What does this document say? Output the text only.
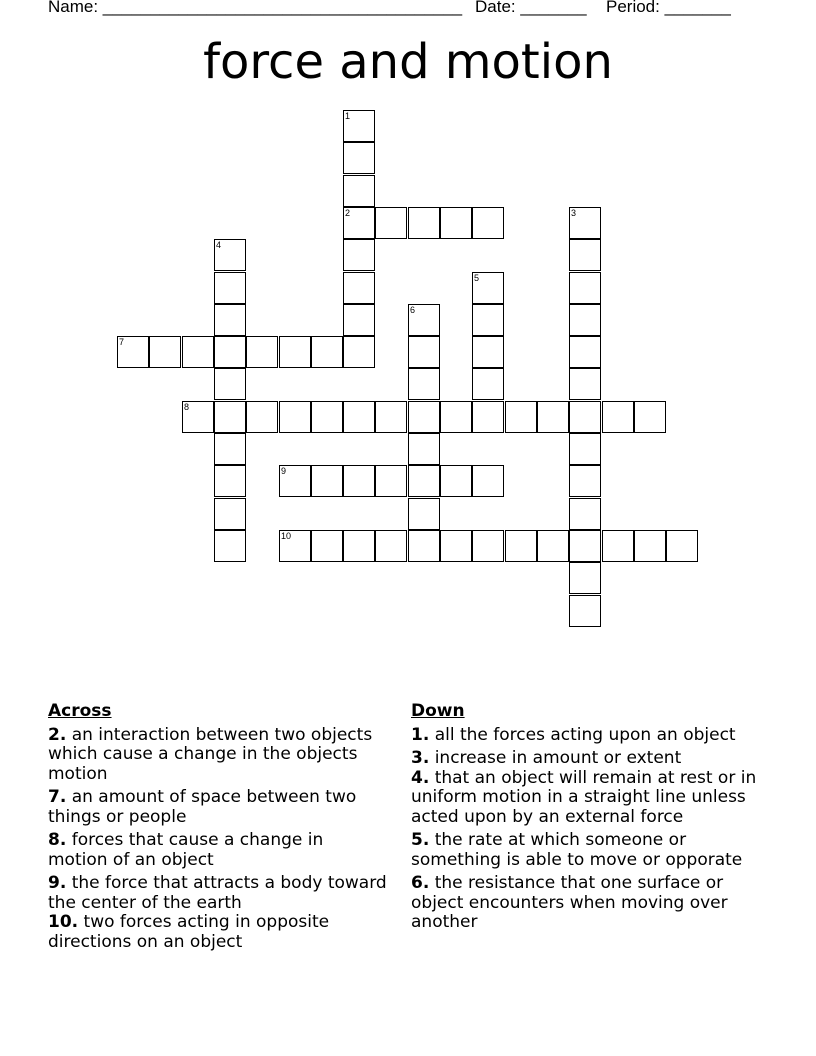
Name: ______________________________________ Date: _______ Period: _______
force and motion
1
2	3
4
5
6
7
8
9
10
Across
2. an interaction between two objects which cause a change in the objects motion
7. an amount of space between two things or people
8. forces that cause a change in motion of an object
9. the force that attracts a body toward the center of the earth
10. two forces acting in opposite directions on an object
Down
1. all the forces acting upon an object
3. increase in amount or extent
4. that an object will remain at rest or in uniform motion in a straight line unless acted upon by an external force
5. the rate at which someone or something is able to move or opporate
6. the resistance that one surface or object encounters when moving over another
